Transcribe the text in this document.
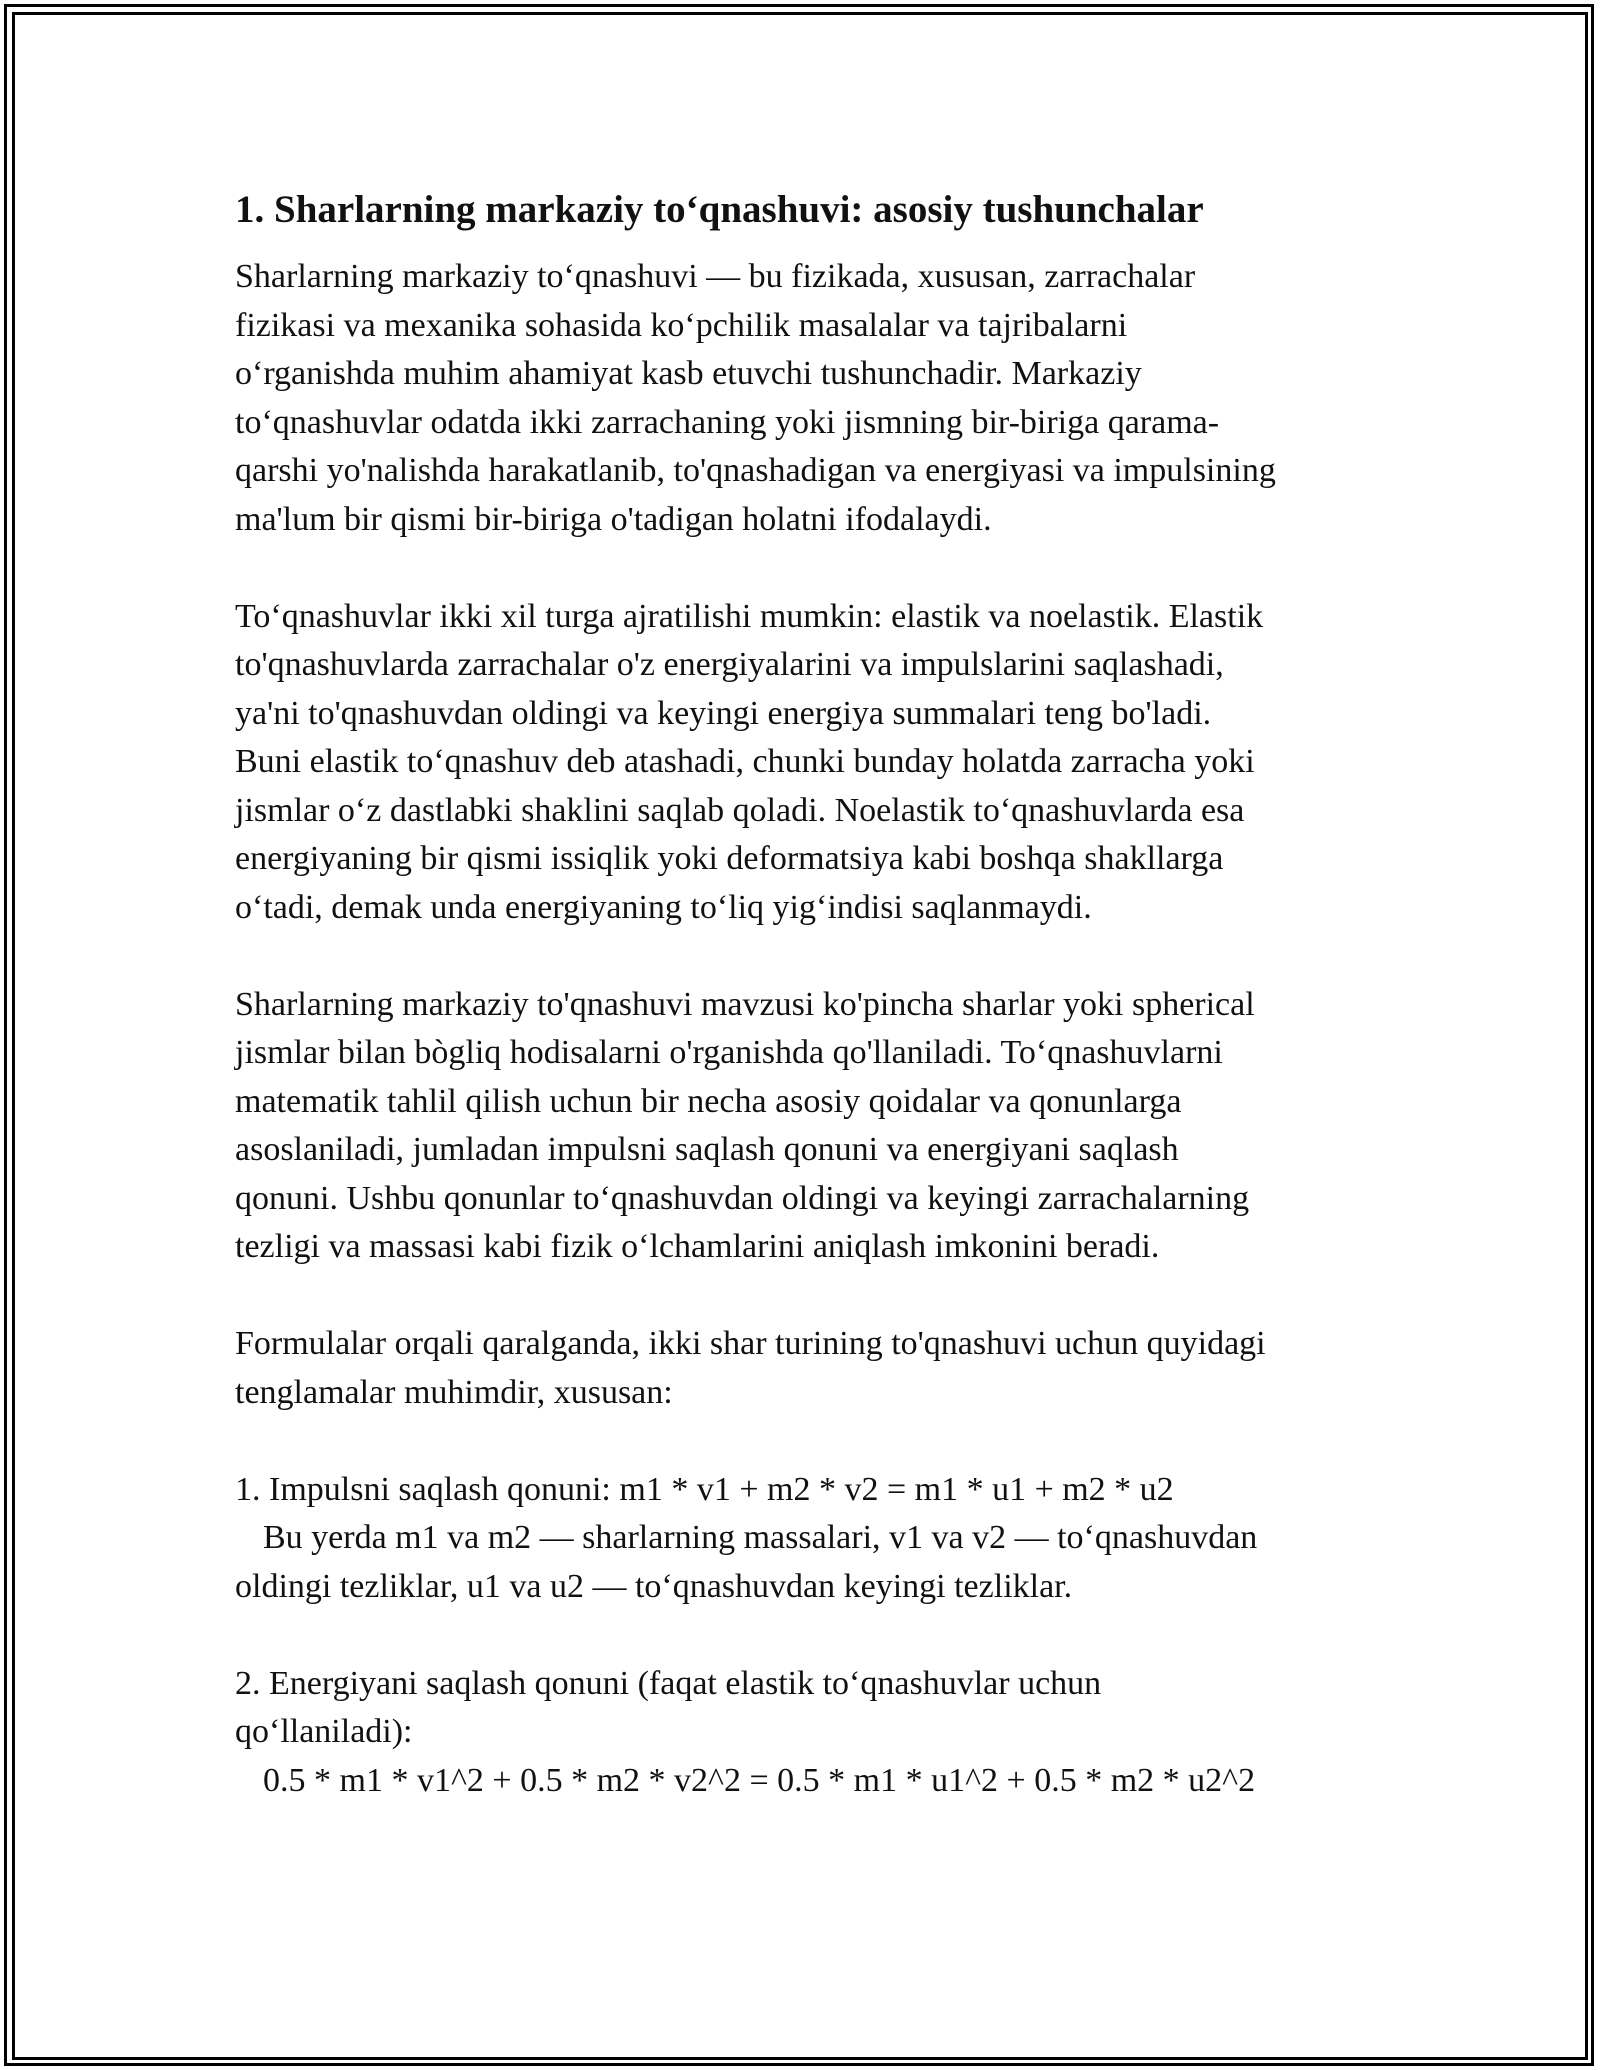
1. Sharlarning markaziy to‘qnashuvi: asosiy tushunchalar
Sharlarning markaziy to‘qnashuvi — bu fizikada, xususan, zarrachalar
fizikasi va mexanika sohasida ko‘pchilik masalalar va tajribalarni
o‘rganishda muhim ahamiyat kasb etuvchi tushunchadir. Markaziy
to‘qnashuvlar odatda ikki zarrachaning yoki jismning bir-biriga qarama-
qarshi yo'nalishda harakatlanib, to'qnashadigan va energiyasi va impulsining
ma'lum bir qismi bir-biriga o'tadigan holatni ifodalaydi.
To‘qnashuvlar ikki xil turga ajratilishi mumkin: elastik va noelastik. Elastik
to'qnashuvlarda zarrachalar o'z energiyalarini va impulslarini saqlashadi,
ya'ni to'qnashuvdan oldingi va keyingi energiya summalari teng bo'ladi.
Buni elastik to‘qnashuv deb atashadi, chunki bunday holatda zarracha yoki
jismlar o‘z dastlabki shaklini saqlab qoladi. Noelastik to‘qnashuvlarda esa
energiyaning bir qismi issiqlik yoki deformatsiya kabi boshqa shakllarga
o‘tadi, demak unda energiyaning to‘liq yig‘indisi saqlanmaydi.
Sharlarning markaziy to'qnashuvi mavzusi ko'pincha sharlar yoki spherical
jismlar bilan bògliq hodisalarni o'rganishda qo'llaniladi. To‘qnashuvlarni
matematik tahlil qilish uchun bir necha asosiy qoidalar va qonunlarga
asoslaniladi, jumladan impulsni saqlash qonuni va energiyani saqlash
qonuni. Ushbu qonunlar to‘qnashuvdan oldingi va keyingi zarrachalarning
tezligi va massasi kabi fizik o‘lchamlarini aniqlash imkonini beradi.
Formulalar orqali qaralganda, ikki shar turining to'qnashuvi uchun quyidagi
tenglamalar muhimdir, xususan:
1. Impulsni saqlash qonuni: m1 * v1 + m2 * v2 = m1 * u1 + m2 * u2
Bu yerda m1 va m2 — sharlarning massalari, v1 va v2 — to‘qnashuvdan
oldingi tezliklar, u1 va u2 — to‘qnashuvdan keyingi tezliklar.
2. Energiyani saqlash qonuni (faqat elastik to‘qnashuvlar uchun
qo‘llaniladi):
0.5 * m1 * v1^2 + 0.5 * m2 * v2^2 = 0.5 * m1 * u1^2 + 0.5 * m2 * u2^2
